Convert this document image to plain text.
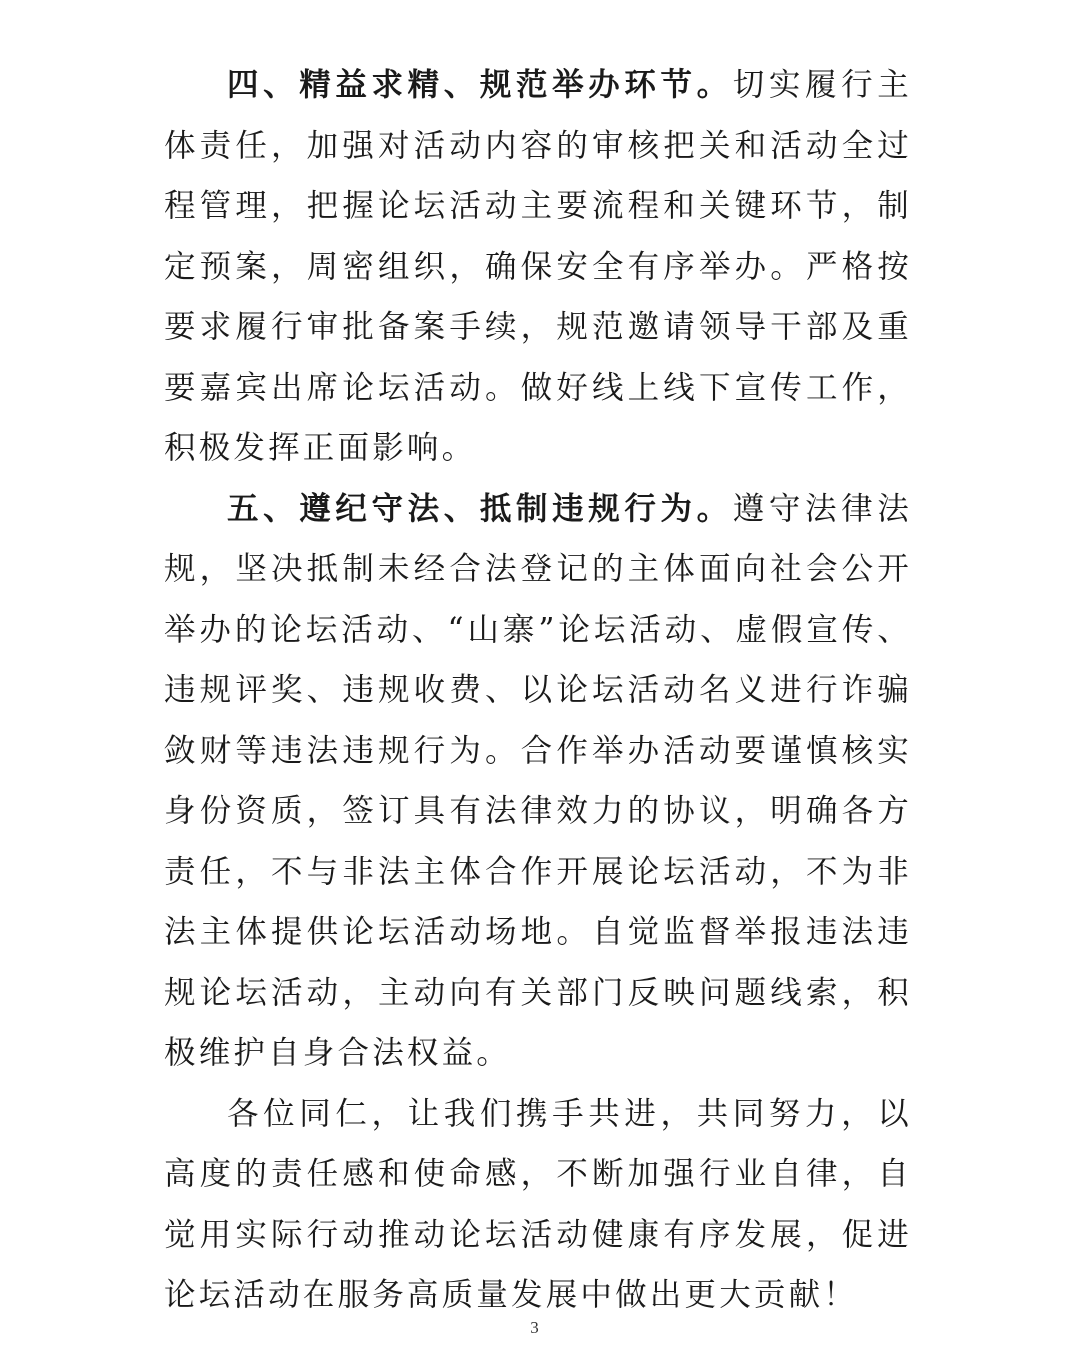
四、精益求精、规范举办环节。切实履行主体责任，加强对活动内容的审核把关和活动全过程管理，把握论坛活动主要流程和关键环节，制定预案，周密组织，确保安全有序举办。严格按要求履行审批备案手续，规范邀请领导干部及重要嘉宾出席论坛活动。做好线上线下宣传工作，积极发挥正面影响。

五、遵纪守法、抵制违规行为。遵守法律法规，坚决抵制未经合法登记的主体面向社会公开举办的论坛活动、“山寨”论坛活动、虚假宣传、违规评奖、违规收费、以论坛活动名义进行诈骗敛财等违法违规行为。合作举办活动要谨慎核实身份资质，签订具有法律效力的协议，明确各方责任，不与非法主体合作开展论坛活动，不为非法主体提供论坛活动场地。自觉监督举报违法违规论坛活动，主动向有关部门反映问题线索，积极维护自身合法权益。

各位同仁，让我们携手共进，共同努力，以高度的责任感和使命感，不断加强行业自律，自觉用实际行动推动论坛活动健康有序发展，促进论坛活动在服务高质量发展中做出更大贡献！

3
